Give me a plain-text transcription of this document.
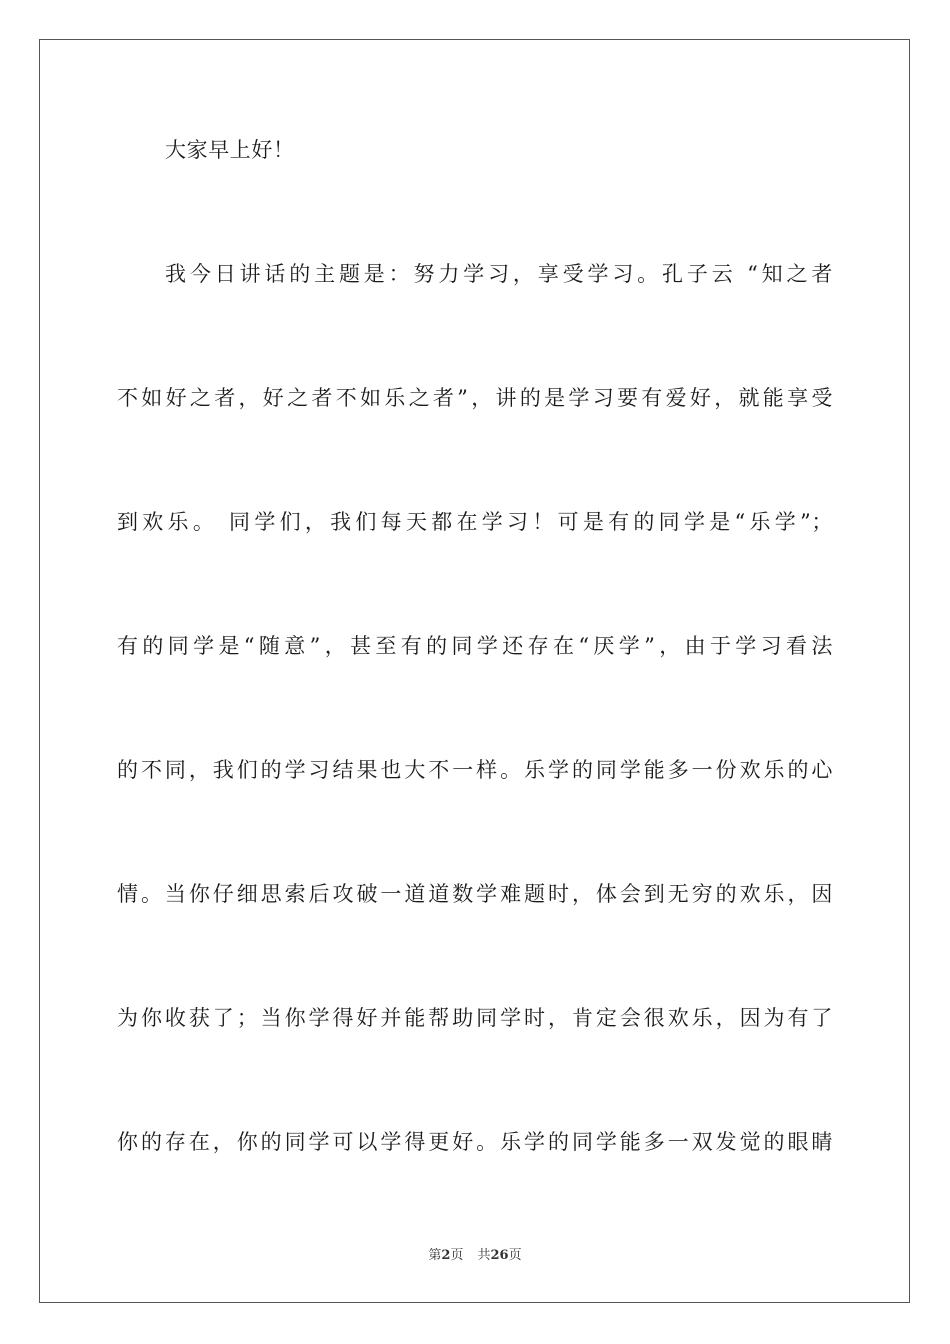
大家早上好！
我今日讲话的主题是：努力学习，享受学习。孔子云 “知之者
不如好之者，好之者不如乐之者”，讲的是学习要有爱好，就能享受
到欢乐。 同学们，我们每天都在学习！可是有的同学是“乐学”；
有的同学是“随意”，甚至有的同学还存在“厌学”，由于学习看法
的不同，我们的学习结果也大不一样。乐学的同学能多一份欢乐的心
情。当你仔细思索后攻破一道道数学难题时，体会到无穷的欢乐，因
为你收获了；当你学得好并能帮助同学时，肯定会很欢乐，因为有了
你的存在，你的同学可以学得更好。乐学的同学能多一双发觉的眼睛
第2页 共26页
